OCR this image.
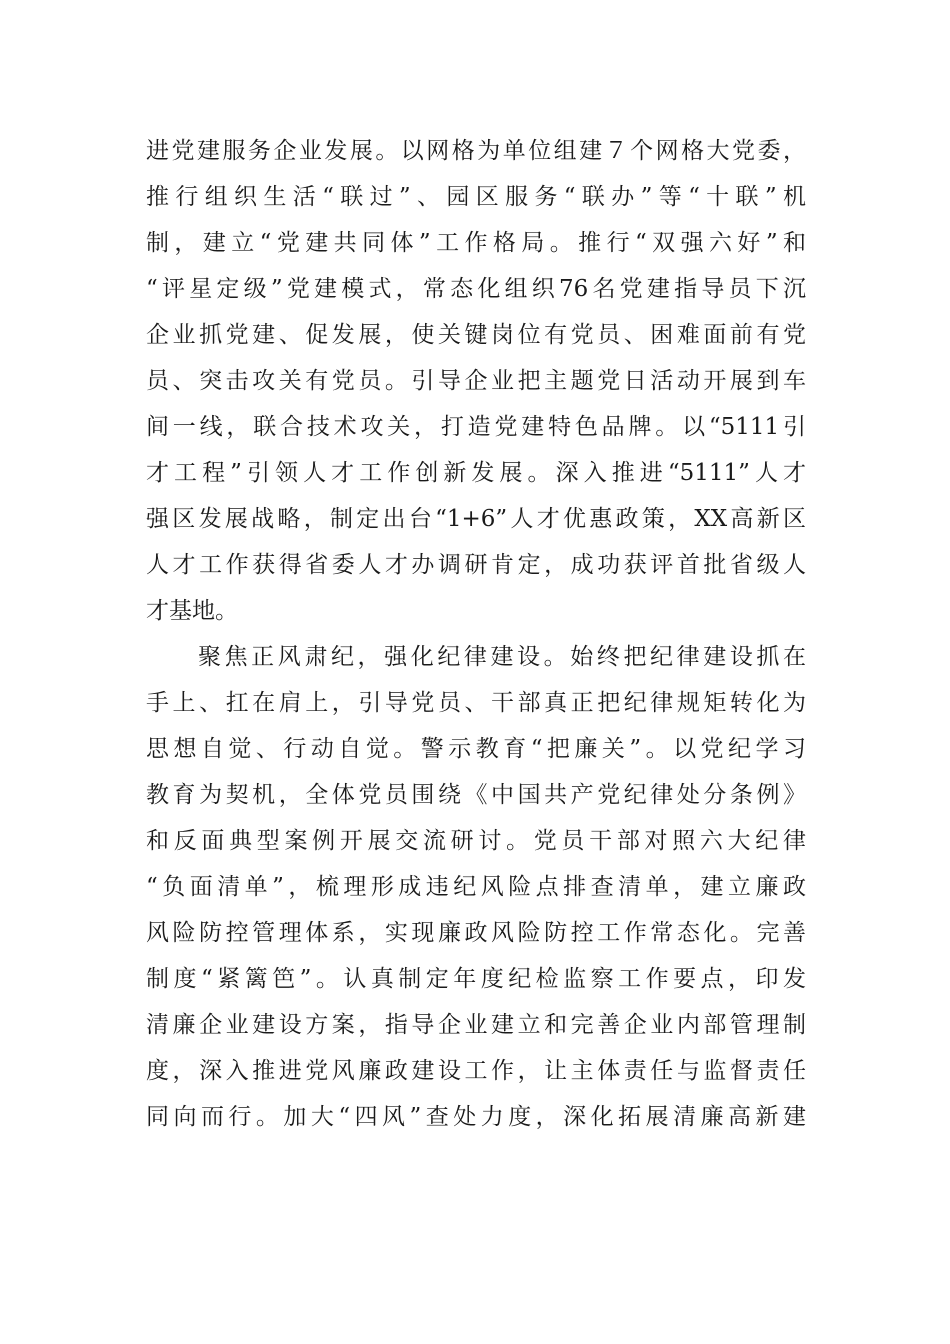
进党建服务企业发展。以网格为单位组建７个网格大党委，
推行组织生活“联过”、园区服务“联办”等“十联”机
制，建立“党建共同体”工作格局。推行“双强六好”和
“评星定级”党建模式，常态化组织76名党建指导员下沉
企业抓党建、促发展，使关键岗位有党员、困难面前有党
员、突击攻关有党员。引导企业把主题党日活动开展到车
间一线，联合技术攻关，打造党建特色品牌。以“5111引
才工程”引领人才工作创新发展。深入推进“5111”人才
强区发展战略，制定出台“1+6”人才优惠政策，XX高新区
人才工作获得省委人才办调研肯定，成功获评首批省级人
才基地。
聚焦正风肃纪，强化纪律建设。始终把纪律建设抓在
手上、扛在肩上，引导党员、干部真正把纪律规矩转化为
思想自觉、行动自觉。警示教育“把廉关”。以党纪学习
教育为契机，全体党员围绕《中国共产党纪律处分条例》
和反面典型案例开展交流研讨。党员干部对照六大纪律
“负面清单”，梳理形成违纪风险点排查清单，建立廉政
风险防控管理体系，实现廉政风险防控工作常态化。完善
制度“紧篱笆”。认真制定年度纪检监察工作要点，印发
清廉企业建设方案，指导企业建立和完善企业内部管理制
度，深入推进党风廉政建设工作，让主体责任与监督责任
同向而行。加大“四风”查处力度，深化拓展清廉高新建
